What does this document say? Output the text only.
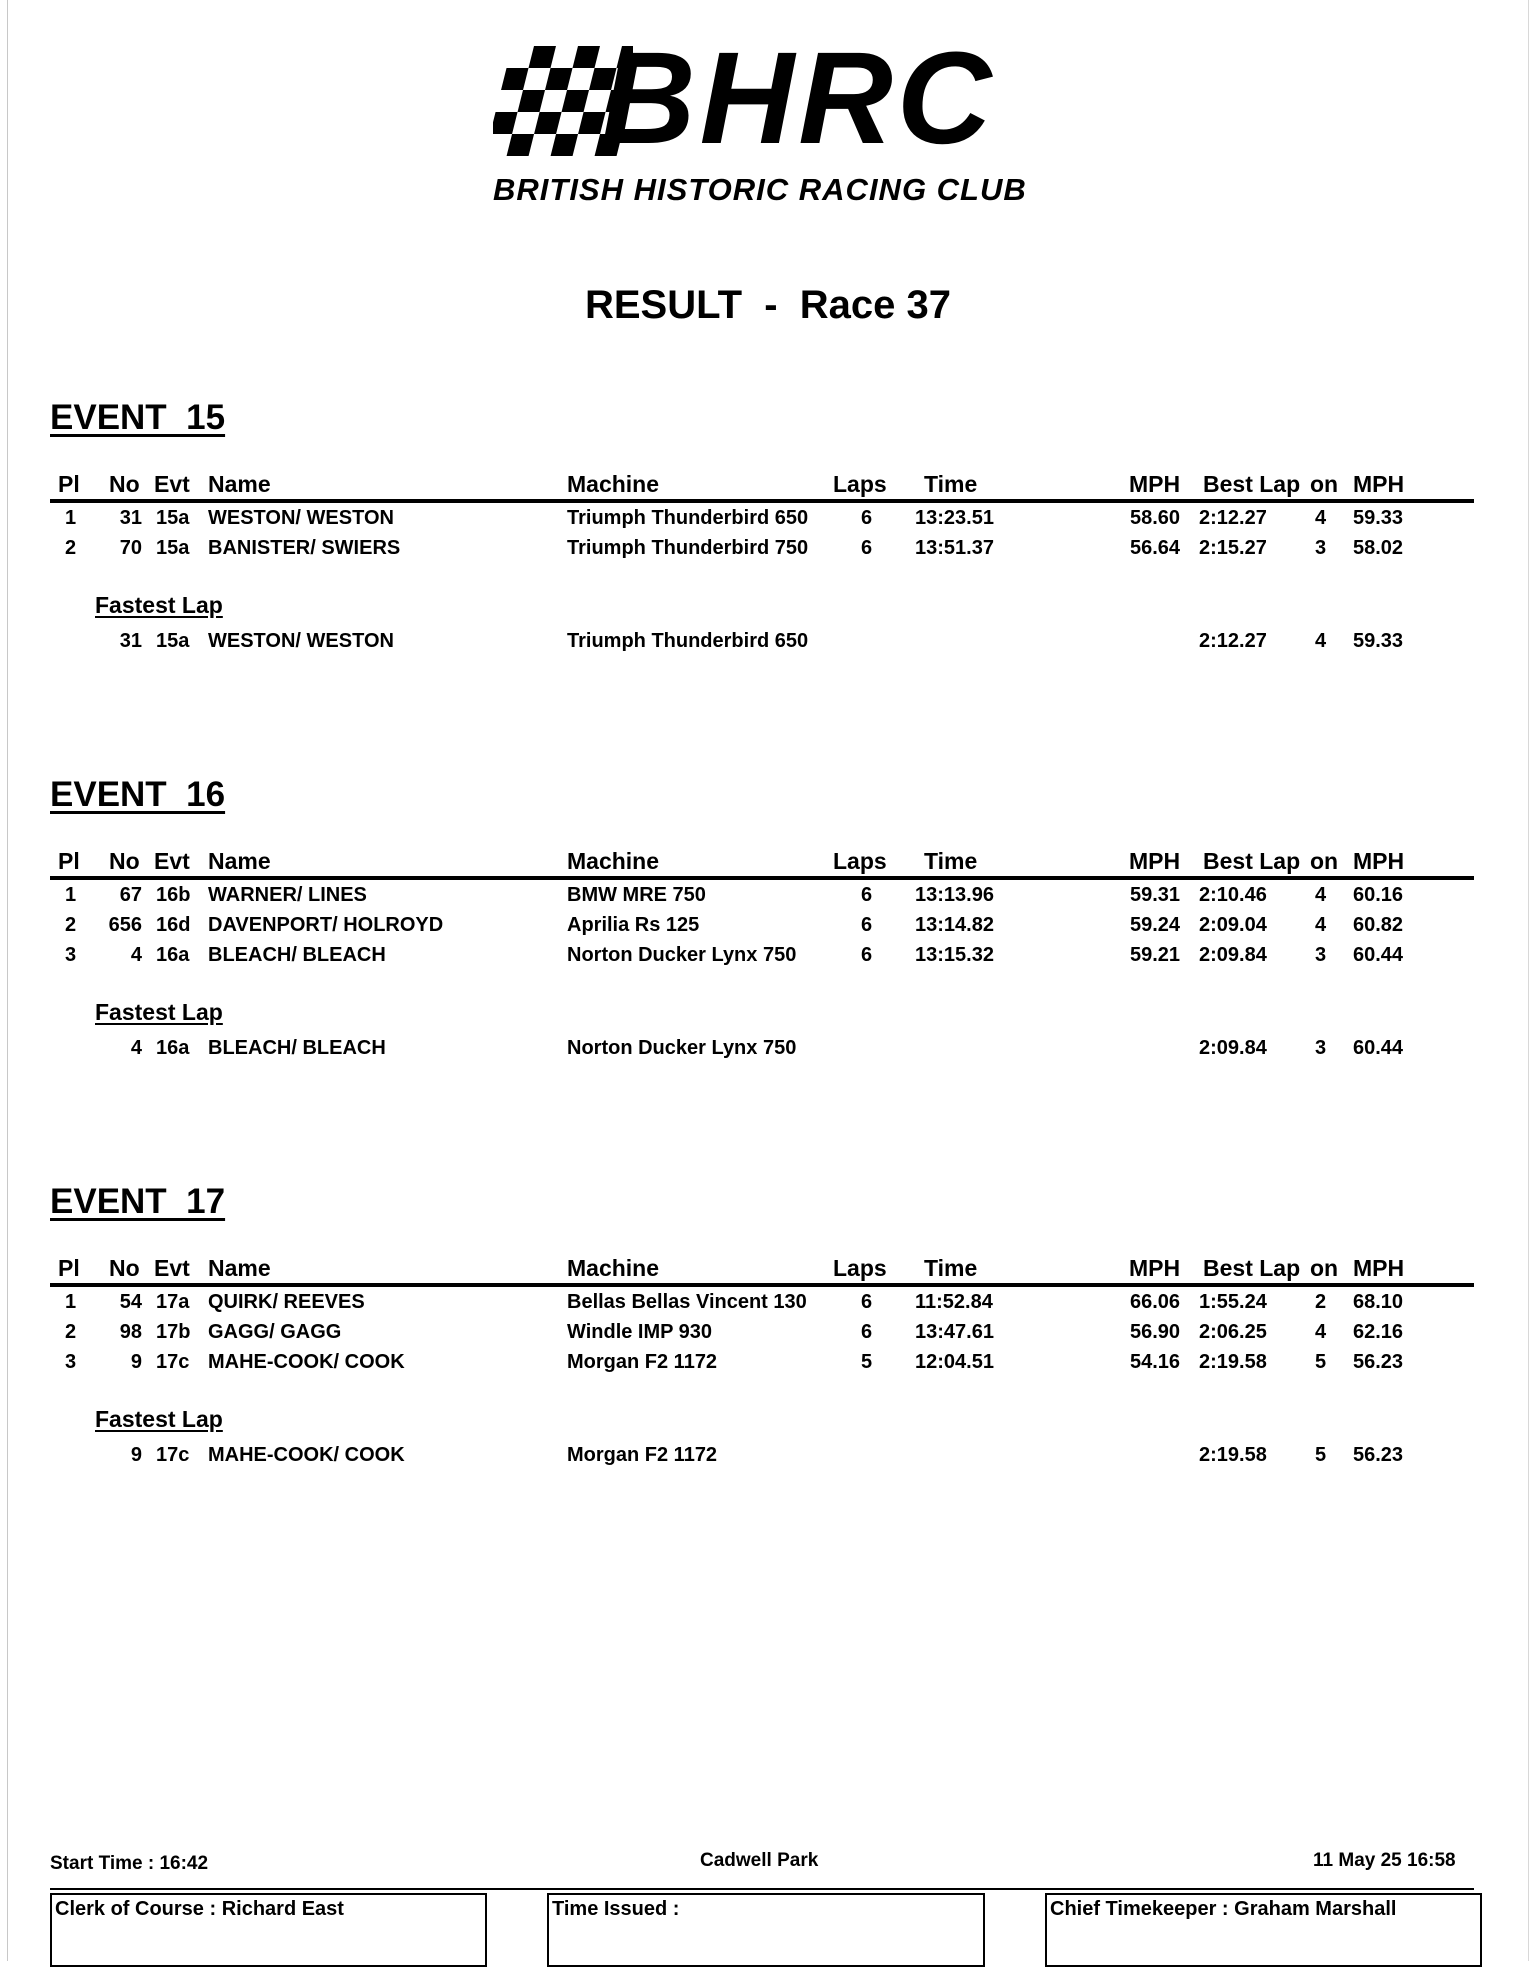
BHRC
BRITISH HISTORIC RACING CLUB
RESULT  -  Race 37
EVENT  15
Pl No Evt Name	Machine	Laps Time	MPH Best Lap on MPH
1	31 15a WESTON/ WESTON	Triumph Thunderbird 650	6 13:23.51	58.60 2:12.27 4 59.33
2	70 15a BANISTER/ SWIERS	Triumph Thunderbird 750	6 13:51.37	56.64 2:15.27 3 58.02
Fastest Lap
31 15a WESTON/ WESTON	Triumph Thunderbird 650	2:12.27 4 59.33
EVENT  16
Pl No Evt Name	Machine	Laps Time	MPH Best Lap on MPH
1	67 16b WARNER/ LINES	BMW MRE 750	6 13:13.96	59.31 2:10.46 4 60.16
2	656 16d DAVENPORT/ HOLROYD	Aprilia Rs 125	6 13:14.82	59.24 2:09.04 4 60.82
3	4 16a BLEACH/ BLEACH	Norton Ducker Lynx 750	6 13:15.32	59.21 2:09.84 3 60.44
Fastest Lap
4 16a BLEACH/ BLEACH	Norton Ducker Lynx 750	2:09.84 3 60.44
EVENT  17
Pl No Evt Name	Machine	Laps Time	MPH Best Lap on MPH
1	54 17a QUIRK/ REEVES	Bellas Bellas Vincent 130	6 11:52.84	66.06 1:55.24 2 68.10
2	98 17b GAGG/ GAGG	Windle IMP 930	6 13:47.61	56.90 2:06.25 4 62.16
3	9 17c MAHE-COOK/ COOK	Morgan F2 1172	5 12:04.51	54.16 2:19.58 5 56.23
Fastest Lap
9 17c MAHE-COOK/ COOK	Morgan F2 1172	2:19.58 5 56.23
Start Time : 16:42	Cadwell Park	11 May 25 16:58
Clerk of Course : Richard East	Time Issued :	Chief Timekeeper : Graham Marshall
